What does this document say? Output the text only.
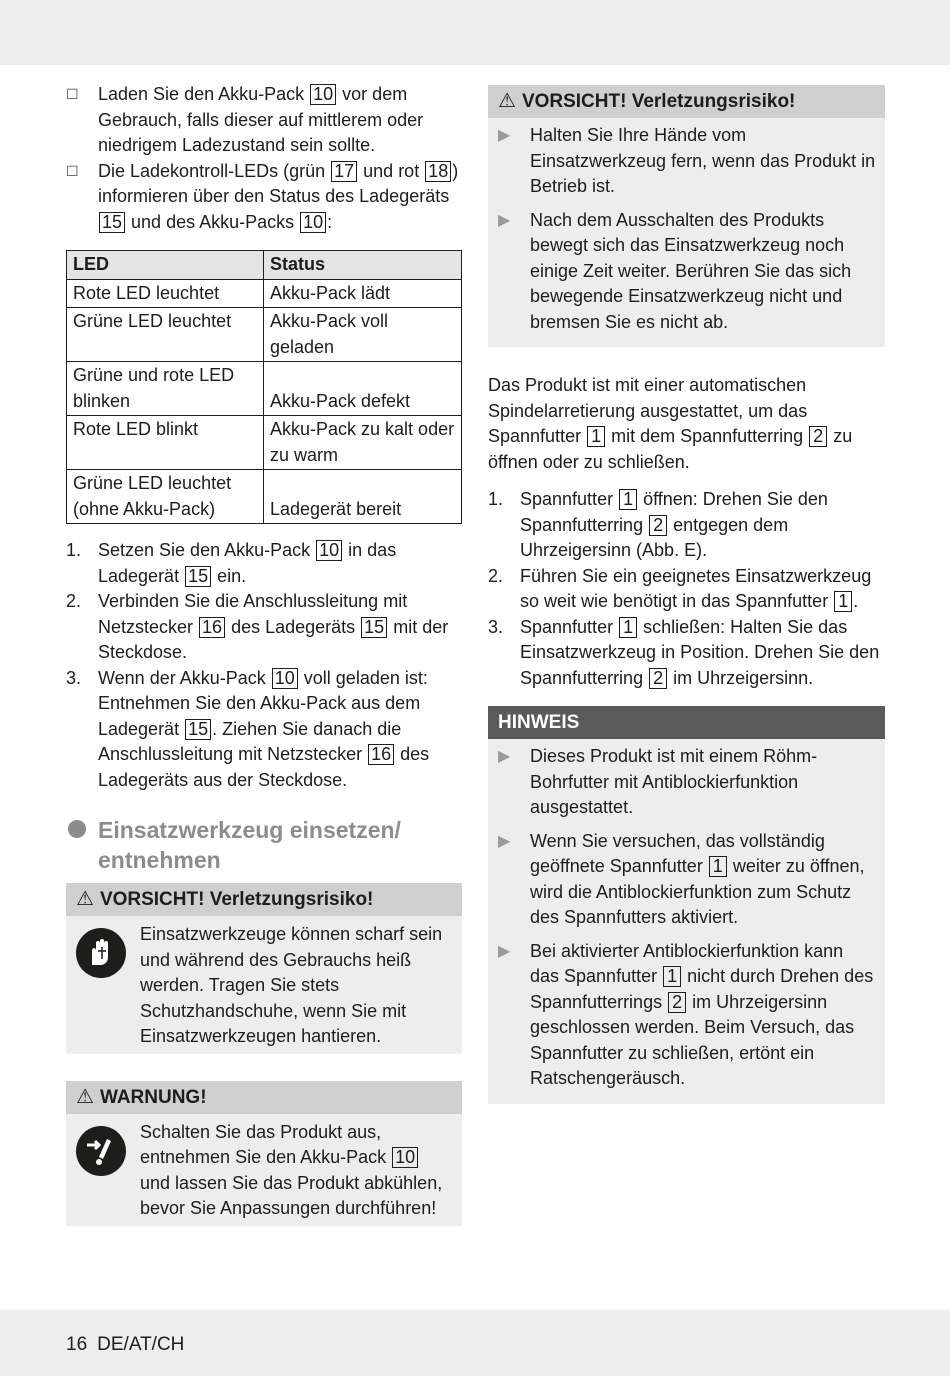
☐ Laden Sie den Akku-Pack 10 vor dem Gebrauch, falls dieser auf mittlerem oder niedrigem Ladezustand sein sollte.
☐ Die Ladekontroll-LEDs (grün 17 und rot 18 ) informieren über den Status des Ladegeräts 15 und des Akku-Packs 10 :
LED	Status
Rote LED leuchtet	Akku-Pack lädt
Grüne LED leuchtet	Akku-Pack voll geladen
Grüne und rote LED blinken	Akku-Pack defekt
Rote LED blinkt	Akku-Pack zu kalt oder zu warm
Grüne LED leuchtet (ohne Akku-Pack)	Ladegerät bereit
1. Setzen Sie den Akku-Pack 10 in das Ladegerät 15 ein.
2. Verbinden Sie die Anschlussleitung mit Netzstecker 16 des Ladegeräts 15 mit der Steckdose.
3. Wenn der Akku-Pack 10 voll geladen ist: Entnehmen Sie den Akku-Pack aus dem Ladegerät 15 . Ziehen Sie danach die Anschlussleitung mit Netzstecker 16 des Ladegeräts aus der Steckdose.
Einsatzwerkzeug einsetzen/ entnehmen
⚠ VORSICHT! Verletzungsrisiko!

Einsatzwerkzeuge können scharf sein und während des Gebrauchs heiß werden. Tragen Sie stets Schutzhandschuhe, wenn Sie mit Einsatzwerkzeugen hantieren.

⚠ WARNUNG!

Schalten Sie das Produkt aus, entnehmen Sie den Akku-Pack 10 und lassen Sie das Produkt abkühlen, bevor Sie Anpassungen durchführen!

⚠ VORSICHT! Verletzungsrisiko!
▶ Halten Sie Ihre Hände vom Einsatzwerkzeug fern, wenn das Produkt in Betrieb ist.
▶ Nach dem Ausschalten des Produkts bewegt sich das Einsatzwerkzeug noch einige Zeit weiter. Berühren Sie das sich bewegende Einsatzwerkzeug nicht und bremsen Sie es nicht ab.

Das Produkt ist mit einer automatischen Spindelarretierung ausgestattet, um das Spannfutter 1 mit dem Spannfutterring 2 zu öffnen oder zu schließen.

1. Spannfutter 1 öffnen: Drehen Sie den Spannfutterring 2 entgegen dem Uhrzeigersinn (Abb. E).
2. Führen Sie ein geeignetes Einsatzwerkzeug so weit wie benötigt in das Spannfutter 1 .
3. Spannfutter 1 schließen: Halten Sie das Einsatzwerkzeug in Position. Drehen Sie den Spannfutterring 2 im Uhrzeigersinn.
HINWEIS
▶ Dieses Produkt ist mit einem Röhm-Bohrfutter mit Antiblockierfunktion ausgestattet.
▶ Wenn Sie versuchen, das vollständig geöffnete Spannfutter 1 weiter zu öffnen, wird die Antiblockierfunktion zum Schutz des Spannfutters aktiviert.
▶ Bei aktivierter Antiblockierfunktion kann das Spannfutter 1 nicht durch Drehen des Spannfutterrings 2 im Uhrzeigersinn geschlossen werden. Beim Versuch, das Spannfutter zu schließen, ertönt ein Ratschengeräusch.
16 DE/AT/CH
